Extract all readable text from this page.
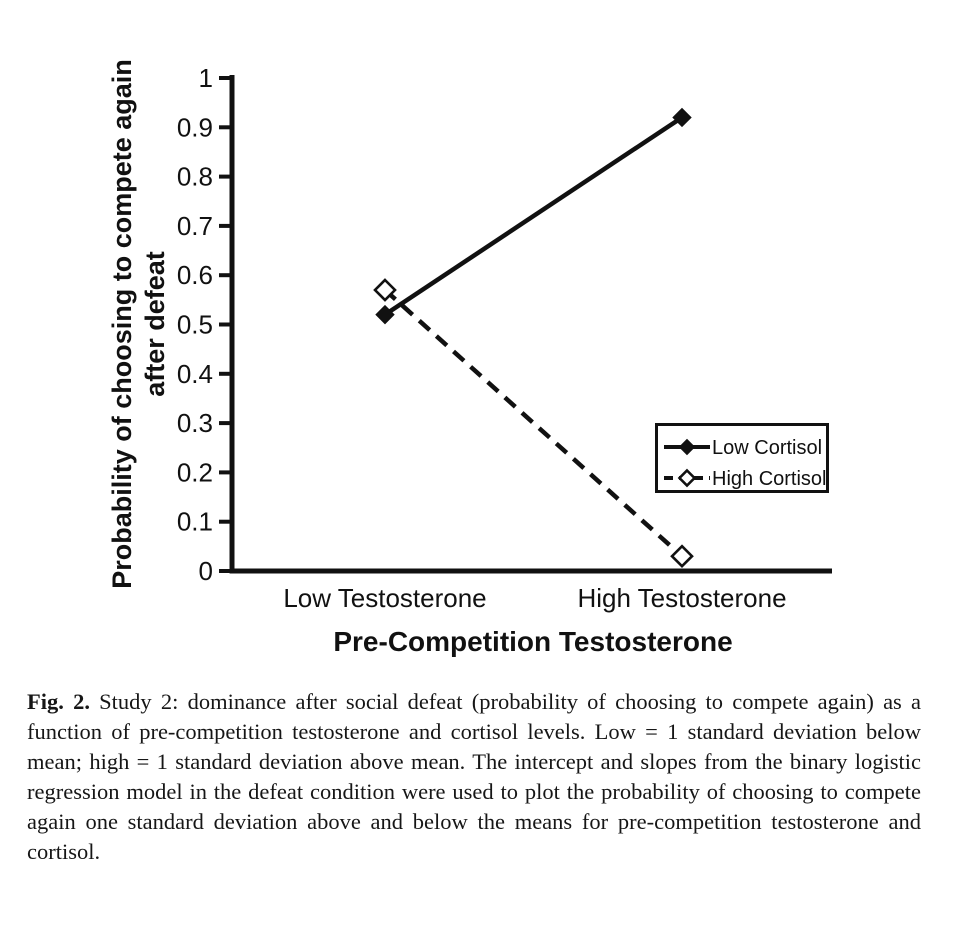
0
0.1
0.2
0.3
0.4
0.5
0.6
0.7
0.8
0.9
1
Low Testosterone	High Testosterone
Pre-Competition Testosterone
Probability of choosing to compete again after defeat
Low Cortisol
High Cortisol
Fig. 2. Study 2: dominance after social defeat (probability of choosing to compete again) as a function of pre-competition testosterone and cortisol levels. Low = 1 standard deviation below mean; high = 1 standard deviation above mean. The intercept and slopes from the binary logistic regression model in the defeat condition were used to plot the probability of choosing to compete again one standard deviation above and below the means for pre-competition testosterone and cortisol.
